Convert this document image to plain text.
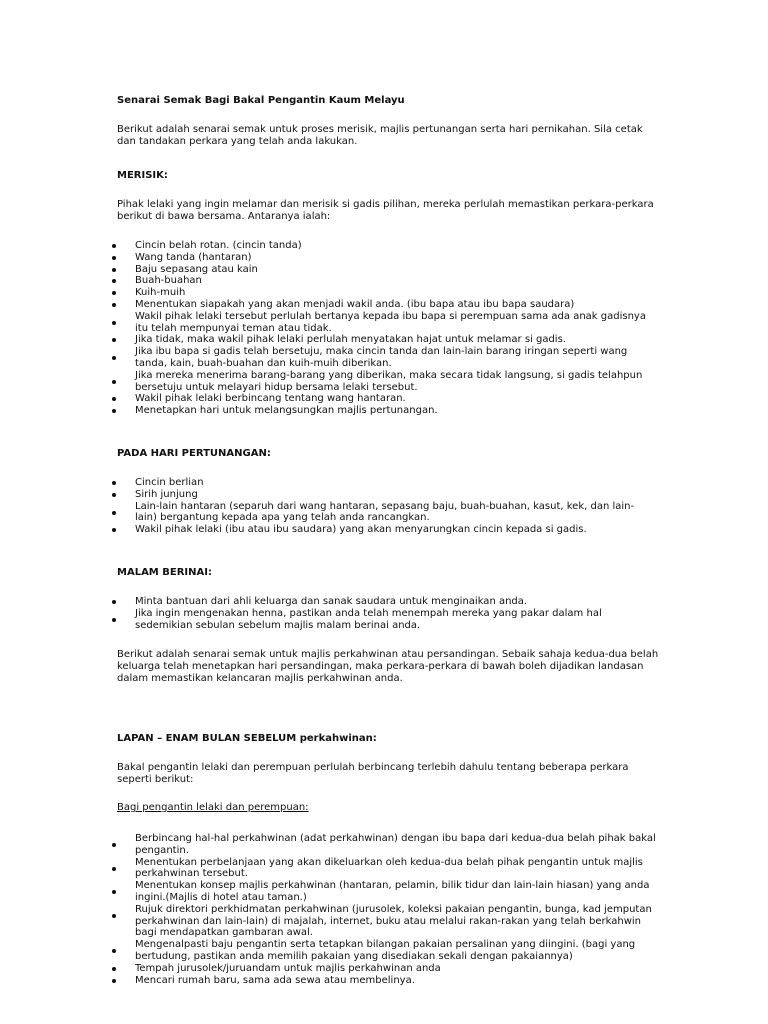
Senarai Semak Bagi Bakal Pengantin Kaum Melayu
Berikut adalah senarai semak untuk proses merisik, majlis pertunangan serta hari pernikahan. Sila cetak dan tandakan perkara yang telah anda lakukan.
MERISIK:
Pihak lelaki yang ingin melamar dan merisik si gadis pilihan, mereka perlulah memastikan perkara-perkara berikut di bawa bersama. Antaranya ialah:
Cincin belah rotan. (cincin tanda)
Wang tanda (hantaran)
Baju sepasang atau kain
Buah-buahan
Kuih-muih
Menentukan siapakah yang akan menjadi wakil anda. (ibu bapa atau ibu bapa saudara)
Wakil pihak lelaki tersebut perlulah bertanya kepada ibu bapa si perempuan sama ada anak gadisnya itu telah mempunyai teman atau tidak.
Jika tidak, maka wakil pihak lelaki perlulah menyatakan hajat untuk melamar si gadis.
Jika ibu bapa si gadis telah bersetuju, maka cincin tanda dan lain-lain barang iringan seperti wang tanda, kain, buah-buahan dan kuih-muih diberikan.
Jika mereka menerima barang-barang yang diberikan, maka secara tidak langsung, si gadis telahpun bersetuju untuk melayari hidup bersama lelaki tersebut.
Wakil pihak lelaki berbincang tentang wang hantaran.
Menetapkan hari untuk melangsungkan majlis pertunangan.
PADA HARI PERTUNANGAN:
Cincin berlian
Sirih junjung
Lain-lain hantaran (separuh dari wang hantaran, sepasang baju, buah-buahan, kasut, kek, dan lain-lain) bergantung kepada apa yang telah anda rancangkan.
Wakil pihak lelaki (ibu atau ibu saudara) yang akan menyarungkan cincin kepada si gadis.
MALAM BERINAI:
Minta bantuan dari ahli keluarga dan sanak saudara untuk menginaikan anda.
Jika ingin mengenakan henna, pastikan anda telah menempah mereka yang pakar dalam hal sedemikian sebulan sebelum majlis malam berinai anda.
Berikut adalah senarai semak untuk majlis perkahwinan atau persandingan. Sebaik sahaja kedua-dua belah keluarga telah menetapkan hari persandingan, maka perkara-perkara di bawah boleh dijadikan landasan dalam memastikan kelancaran majlis perkahwinan anda.
LAPAN – ENAM BULAN SEBELUM perkahwinan:
Bakal pengantin lelaki dan perempuan perlulah berbincang terlebih dahulu tentang beberapa perkara seperti berikut:
Bagi pengantin lelaki dan perempuan:
Berbincang hal-hal perkahwinan (adat perkahwinan) dengan ibu bapa dari kedua-dua belah pihak bakal pengantin.
Menentukan perbelanjaan yang akan dikeluarkan oleh kedua-dua belah pihak pengantin untuk majlis perkahwinan tersebut.
Menentukan konsep majlis perkahwinan (hantaran, pelamin, bilik tidur dan lain-lain hiasan) yang anda ingini.(Majlis di hotel atau taman.)
Rujuk direktori perkhidmatan perkahwinan (jurusolek, koleksi pakaian pengantin, bunga, kad jemputan perkahwinan dan lain-lain) di majalah, internet, buku atau melalui rakan-rakan yang telah berkahwin bagi mendapatkan gambaran awal.
Mengenalpasti baju pengantin serta tetapkan bilangan pakaian persalinan yang diingini. (bagi yang bertudung, pastikan anda memilih pakaian yang disediakan sekali dengan pakaiannya)
Tempah jurusolek/juruandam untuk majlis perkahwinan anda
Mencari rumah baru, sama ada sewa atau membelinya.
